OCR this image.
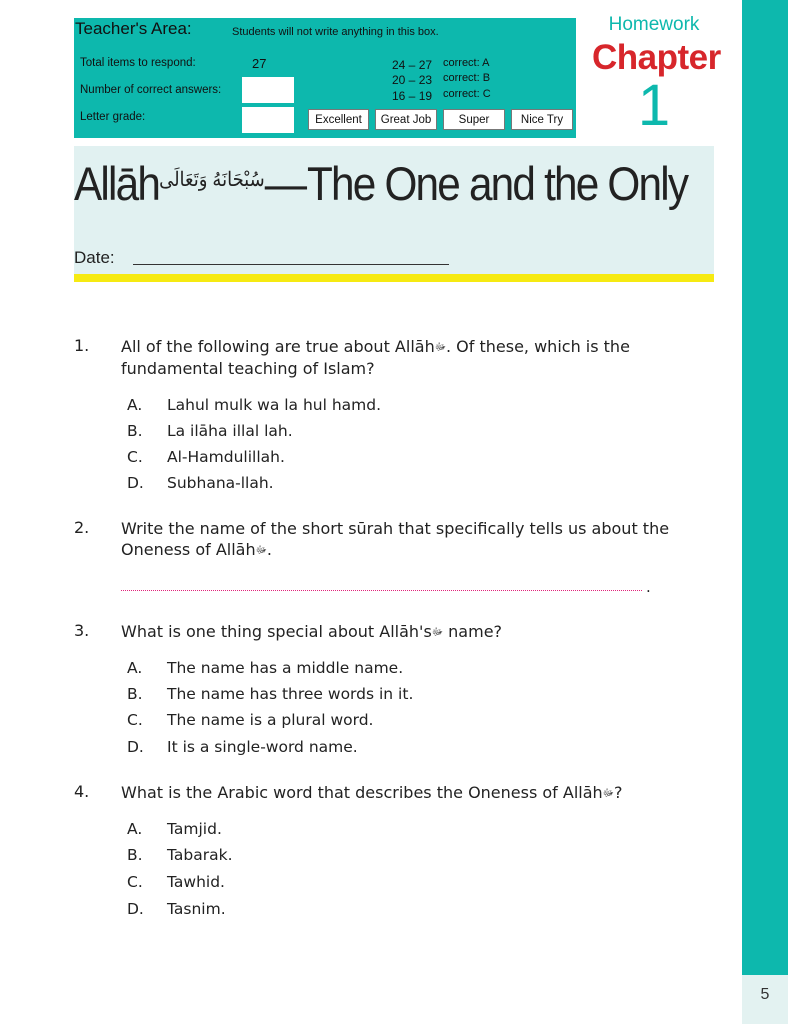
5
Teacher's Area:	Students will not write anything in this box.
Total items to respond:	27
Number of correct answers:
Letter grade:
24 – 27 correct: A
20 – 23 correct: B
16 – 19 correct: C
Excellent	Great Job	Super	Nice Try
Homework
Chapter
1
Allāh$^{سُبْحَانَهُ وَتَعَالَى}$—The One and the Only
Date:
1. All of the following are true about Allāhﷻ. Of these, which is the fundamental teaching of Islam?
A. Lahul mulk wa la hul hamd.
B. La ilāha illal lah.
C. Al-Hamdulillah.
D. Subhana-llah.
2. Write the name of the short sūrah that specifically tells us about the Oneness of Allāhﷻ.
.
3. What is one thing special about Allāh'sﷻ name?
A. The name has a middle name.
B. The name has three words in it.
C. The name is a plural word.
D. It is a single-word name.
4. What is the Arabic word that describes the Oneness of Allāhﷻ?
A. Tamjid.
B. Tabarak.
C. Tawhid.
D. Tasnim.
